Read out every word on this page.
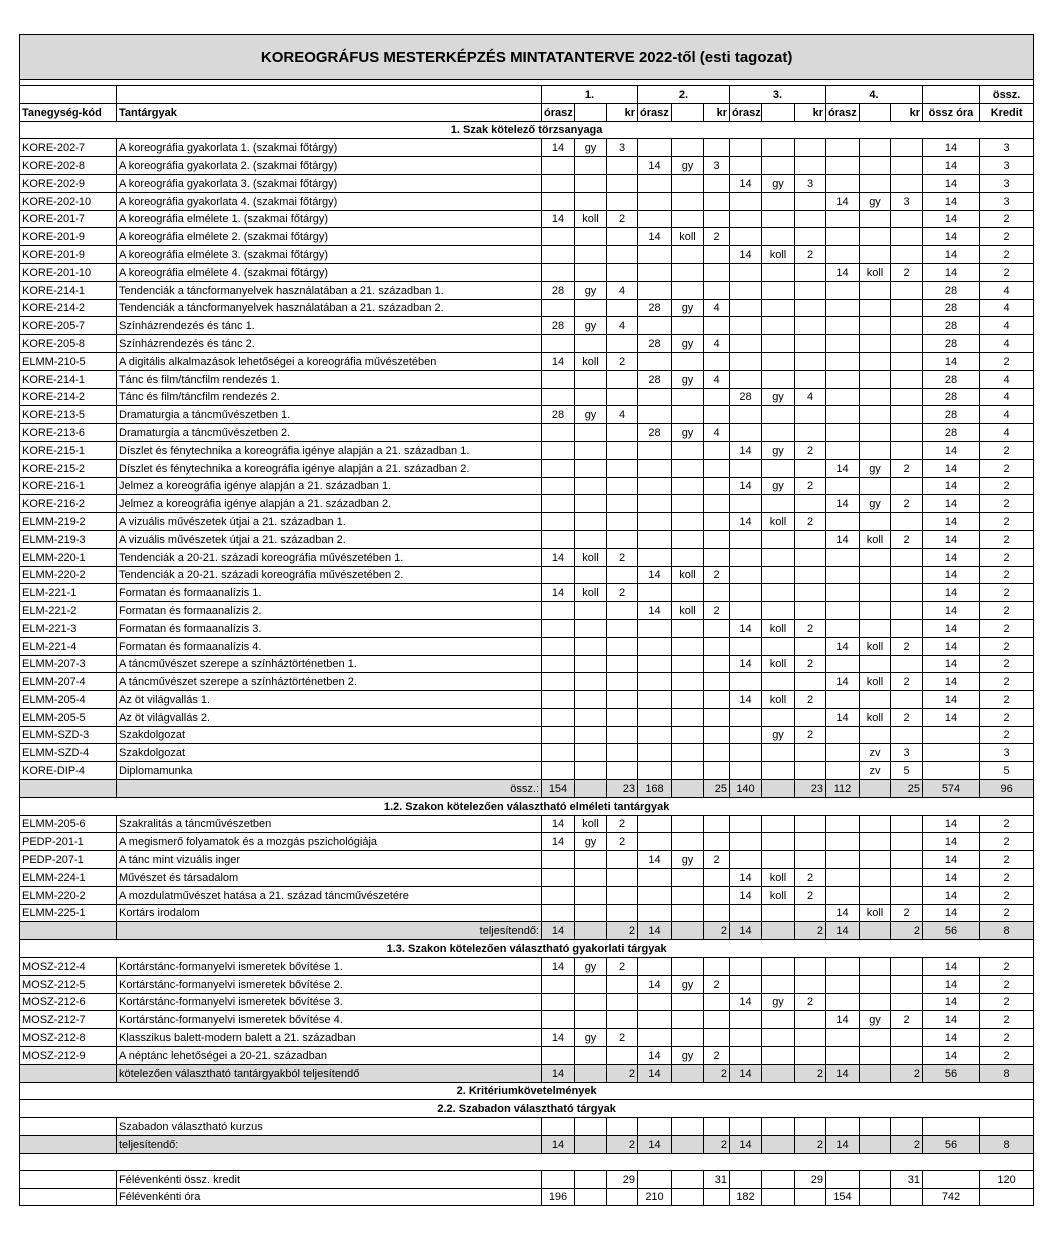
KOREOGRÁFUS MESTERKÉPZÉS MINTATANTERVE 2022-től (esti tagozat)															

		1.			2.			3.			4.				össz.
Tanegység-kód	Tantárgyak	órasz		kr	órasz		kr	órasz		kr	órasz		kr	össz óra	Kredit
1. Szak kötelező törzsanyaga															
KORE-202-7	A koreográfia gyakorlata 1. (szakmai főtárgy)	14	gy	3										14	3
KORE-202-8	A koreográfia gyakorlata 2. (szakmai főtárgy)				14	gy	3							14	3
KORE-202-9	A koreográfia gyakorlata 3. (szakmai főtárgy)							14	gy	3				14	3
KORE-202-10	A koreográfia gyakorlata 4. (szakmai főtárgy)										14	gy	3	14	3
KORE-201-7	A koreográfia elmélete 1. (szakmai főtárgy)	14	koll	2										14	2
KORE-201-9	A koreográfia elmélete 2. (szakmai főtárgy)				14	koll	2							14	2
KORE-201-9	A koreográfia elmélete 3. (szakmai főtárgy)							14	koll	2				14	2
KORE-201-10	A koreográfia elmélete 4. (szakmai főtárgy)										14	koll	2	14	2
KORE-214-1	Tendenciák a táncformanyelvek használatában a 21. században 1.	28	gy	4										28	4
KORE-214-2	Tendenciák a táncformanyelvek használatában a 21. században 2.				28	gy	4							28	4
KORE-205-7	Színházrendezés és tánc 1.	28	gy	4										28	4
KORE-205-8	Színházrendezés és tánc 2.				28	gy	4							28	4
ELMM-210-5	A digitális alkalmazások lehetőségei a koreográfia művészetében	14	koll	2										14	2
KORE-214-1	Tánc és film/táncfilm rendezés 1.				28	gy	4							28	4
KORE-214-2	Tánc és film/táncfilm rendezés 2.							28	gy	4				28	4
KORE-213-5	Dramaturgia a táncművészetben 1.	28	gy	4										28	4
KORE-213-6	Dramaturgia a táncművészetben 2.				28	gy	4							28	4
KORE-215-1	Díszlet és fénytechnika a koreográfia igénye alapján a 21. században 1.							14	gy	2				14	2
KORE-215-2	Díszlet és fénytechnika a koreográfia igénye alapján a 21. században 2.										14	gy	2	14	2
KORE-216-1	Jelmez a koreográfia igénye alapján a 21. században 1.							14	gy	2				14	2
KORE-216-2	Jelmez a koreográfia igénye alapján a 21. században 2.										14	gy	2	14	2
ELMM-219-2	A vizuális művészetek útjai a 21. században 1.							14	koll	2				14	2
ELMM-219-3	A vizuális művészetek útjai a 21. században 2.										14	koll	2	14	2
ELMM-220-1	Tendenciák a 20-21. századi koreográfia művészetében 1.	14	koll	2										14	2
ELMM-220-2	Tendenciák a 20-21. századi koreográfia művészetében 2.				14	koll	2							14	2
ELM-221-1	Formatan és formaanalízis 1.	14	koll	2										14	2
ELM-221-2	Formatan és formaanalízis 2.				14	koll	2							14	2
ELM-221-3	Formatan és formaanalízis 3.							14	koll	2				14	2
ELM-221-4	Formatan és formaanalízis 4.										14	koll	2	14	2
ELMM-207-3	A táncművészet szerepe a színháztörténetben 1.							14	koll	2				14	2
ELMM-207-4	A táncművészet szerepe a színháztörténetben 2.										14	koll	2	14	2
ELMM-205-4	Az öt világvallás 1.							14	koll	2				14	2
ELMM-205-5	Az öt világvallás 2.										14	koll	2	14	2
ELMM-SZD-3	Szakdolgozat								gy	2					2
ELMM-SZD-4	Szakdolgozat											zv	3		3
KORE-DIP-4	Diplomamunka											zv	5		5
	össz.:	154		23	168		25	140		23	112		25	574	96
1.2. Szakon kötelezően választható elméleti tantárgyak															
ELMM-205-6	Szakralitás a táncművészetben	14	koll	2										14	2
PEDP-201-1	A megismerő folyamatok és a mozgás pszichológiája	14	gy	2										14	2
PEDP-207-1	A tánc mint vizuális inger				14	gy	2							14	2
ELMM-224-1	Művészet és társadalom							14	koll	2				14	2
ELMM-220-2	A mozdulatművészet hatása a 21. század táncművészetére							14	koll	2				14	2
ELMM-225-1	Kortárs irodalom										14	koll	2	14	2
	teljesítendő:	14		2	14		2	14		2	14		2	56	8
1.3. Szakon kötelezően választható gyakorlati tárgyak															
MOSZ-212-4	Kortárstánc-formanyelvi ismeretek bővítése 1.	14	gy	2										14	2
MOSZ-212-5	Kortárstánc-formanyelvi ismeretek bővítése 2.				14	gy	2							14	2
MOSZ-212-6	Kortárstánc-formanyelvi ismeretek bővítése 3.							14	gy	2				14	2
MOSZ-212-7	Kortárstánc-formanyelvi ismeretek bővítése 4.										14	gy	2	14	2
MOSZ-212-8	Klasszikus balett-modern balett a 21. században	14	gy	2										14	2
MOSZ-212-9	A néptánc lehetőségei a 20-21. században				14	gy	2							14	2
	kötelezően választható tantárgyakból teljesítendő	14		2	14		2	14		2	14		2	56	8
2. Kritériumkövetelmények															
2.2. Szabadon választható tárgyak															
	Szabadon választható kurzus														
	teljesítendő:	14		2	14		2	14		2	14		2	56	8

	Félévenkénti össz. kredit			29			31			29			31		120
	Félévenkénti óra	196			210			182			154			742	
